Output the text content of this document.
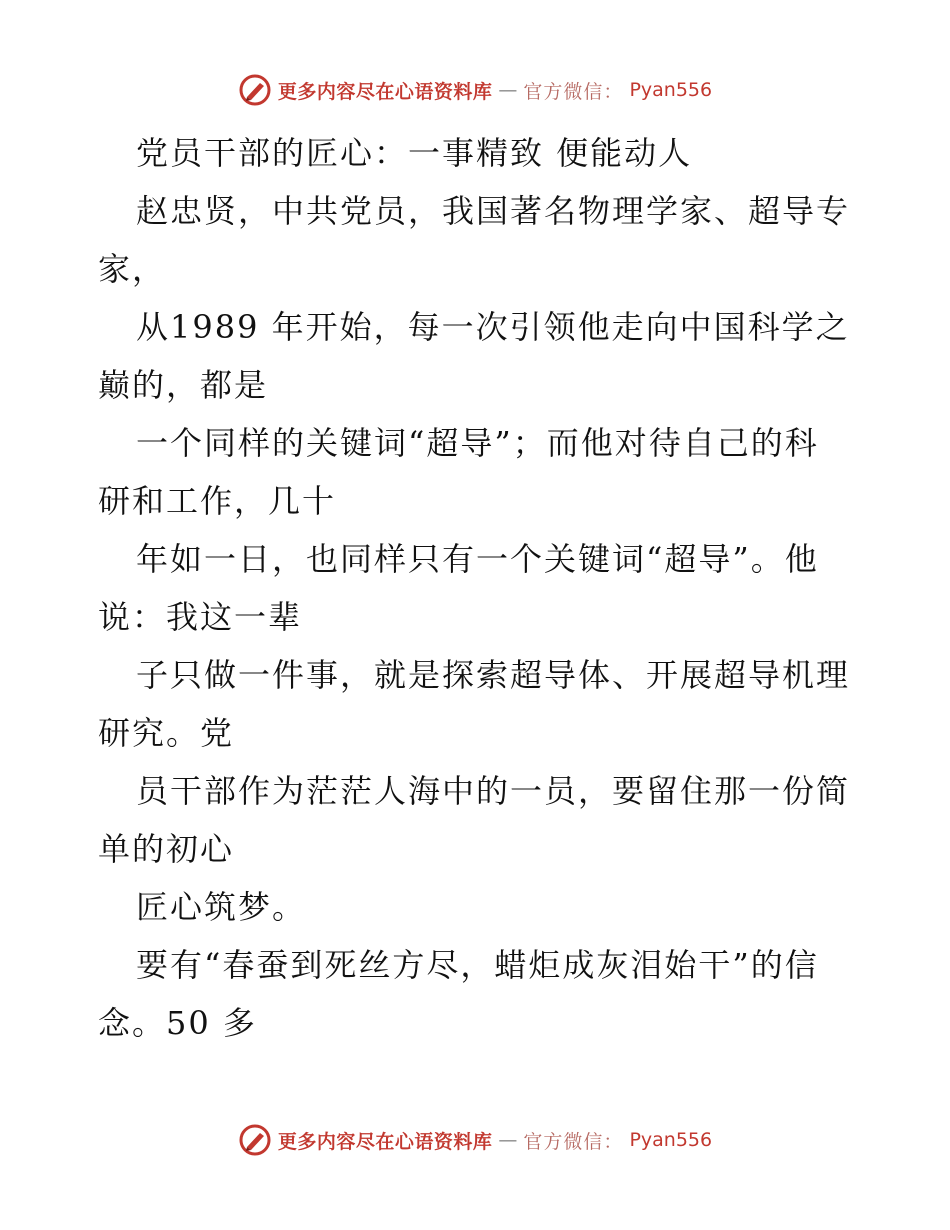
更多内容尽在心语资料库 — 官方微信： Pyan556
党员干部的匠心：一事精致 便能动人
赵忠贤，中共党员，我国著名物理学家、超导专
家，
从1989 年开始，每一次引领他走向中国科学之
巅的，都是
一个同样的关键词“超导”；而他对待自己的科
研和工作，几十
年如一日，也同样只有一个关键词“超导”。他
说：我这一辈
子只做一件事，就是探索超导体、开展超导机理
研究。党
员干部作为茫茫人海中的一员，要留住那一份简
单的初心
匠心筑梦。
要有“春蚕到死丝方尽，蜡炬成灰泪始干”的信
念。50 多
更多内容尽在心语资料库 — 官方微信： Pyan556
